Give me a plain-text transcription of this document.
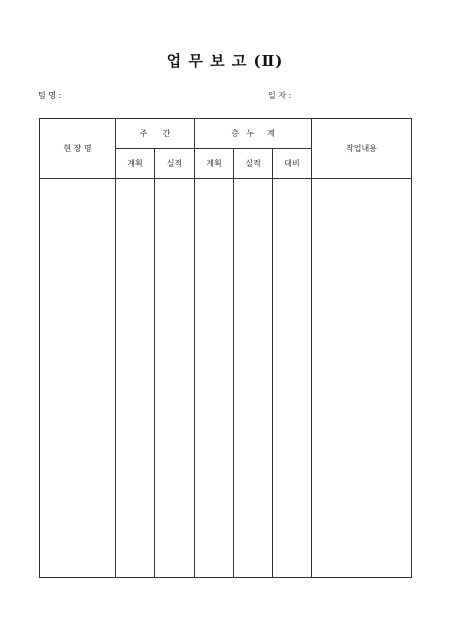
업 무 보 고 (Ⅱ)
팀 명 :	일 자 :
현 장 명	주      간		층   누     계			작업내용
	계획	실적	계획	실적	대비	
